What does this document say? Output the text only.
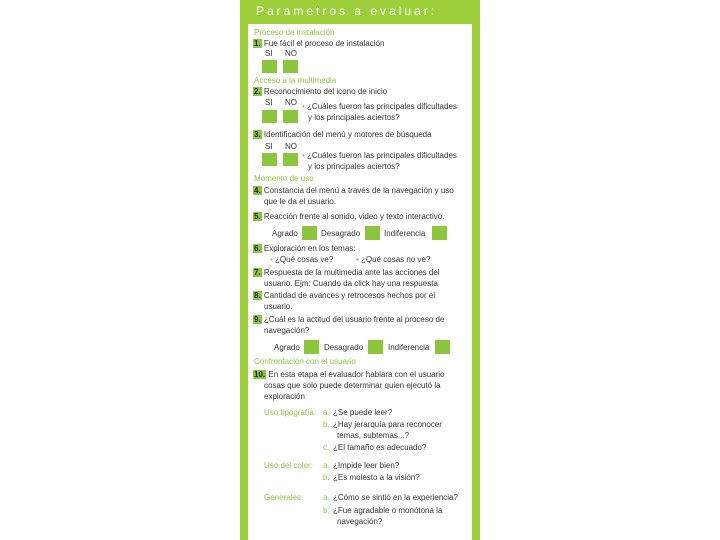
Parametros a evaluar:
Proceso de instalación
1. Fue fácil el proceso de instalación
SI NO
Acceso a la multimedia
2. Reconocimiento del icono de inicio
SI NO • ¿Cuáles fueron las principales dificultades
y los principales aciertos?
3. Identificación del menú y motores de búsqueda
SI NO
• ¿Cuáles fueron las principales dificultades
y los principales aciertos?
Momento de uso
4. Constancia del menú a través de la navegación y uso
que le da el usuario.
5. Reacción frente al sonido, video y texto interactivo.
Agrado	Desagrado	Indiferencia
6. Exploración en los temas:
• ¿Qué cosas ve?	• ¿Qué cosas no ve?
7. Respuesta de la multimedia ante las acciones del
usuario. Ejm: Cuando da click hay una respuesta
8. Cantidad de avances y retrocesos hechos por el
usuario.
9. ¿Cuál es la actitud del usuario frente al proceso de
navegación?
Agrado	Desagrado	Indiferencia
Confrontación con el usuario
10. En esta etapa el evaluador hablara con el usuario
cosas que solo puede determinar quien ejecutó la
exploración
Uso tipografía: a. ¿Se puede leer?
b. ¿Hay jerarquía para reconocer
temas, subtemas...?
c. ¿El tamaño es adecuado?
Uso del color: a. ¿Impide leer bien?
b. ¿Es molesto a la visión?
Generales: a. ¿Cómo se sintió en la experiencia?
b. ¿Fue agradable o monótona la
navegación?
